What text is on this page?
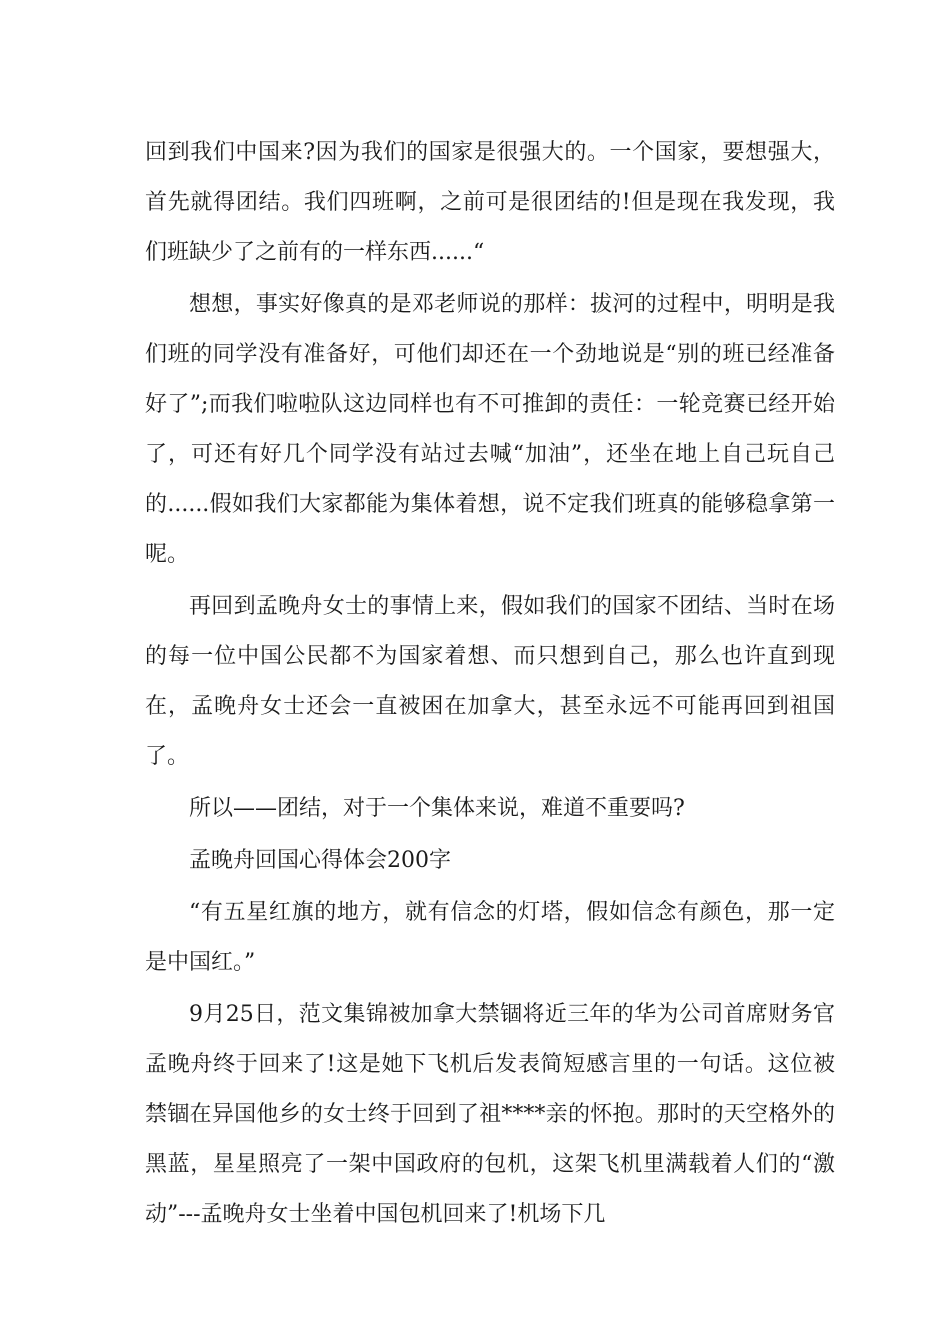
回到我们中国来?因为我们的国家是很强大的。一个国家，要想强大，首先就得团结。我们四班啊，之前可是很团结的!但是现在我发现，我们班缺少了之前有的一样东西......“

想想，事实好像真的是邓老师说的那样：拔河的过程中，明明是我们班的同学没有准备好，可他们却还在一个劲地说是“别的班已经准备好了”;而我们啦啦队这边同样也有不可推卸的责任：一轮竞赛已经开始了，可还有好几个同学没有站过去喊“加油”，还坐在地上自己玩自己的......假如我们大家都能为集体着想，说不定我们班真的能够稳拿第一呢。

再回到孟晚舟女士的事情上来，假如我们的国家不团结、当时在场的每一位中国公民都不为国家着想、而只想到自己，那么也许直到现在，孟晚舟女士还会一直被困在加拿大，甚至永远不可能再回到祖国了。

所以——团结，对于一个集体来说，难道不重要吗?

孟晚舟回国心得体会200字

“有五星红旗的地方，就有信念的灯塔，假如信念有颜色，那一定是中国红。”

9月25日，范文集锦被加拿大禁锢将近三年的华为公司首席财务官孟晚舟终于回来了!这是她下飞机后发表简短感言里的一句话。这位被禁锢在异国他乡的女士终于回到了祖****亲的怀抱。那时的天空格外的黑蓝，星星照亮了一架中国政府的包机，这架飞机里满载着人们的“激动”---孟晚舟女士坐着中国包机回来了!机场下几
